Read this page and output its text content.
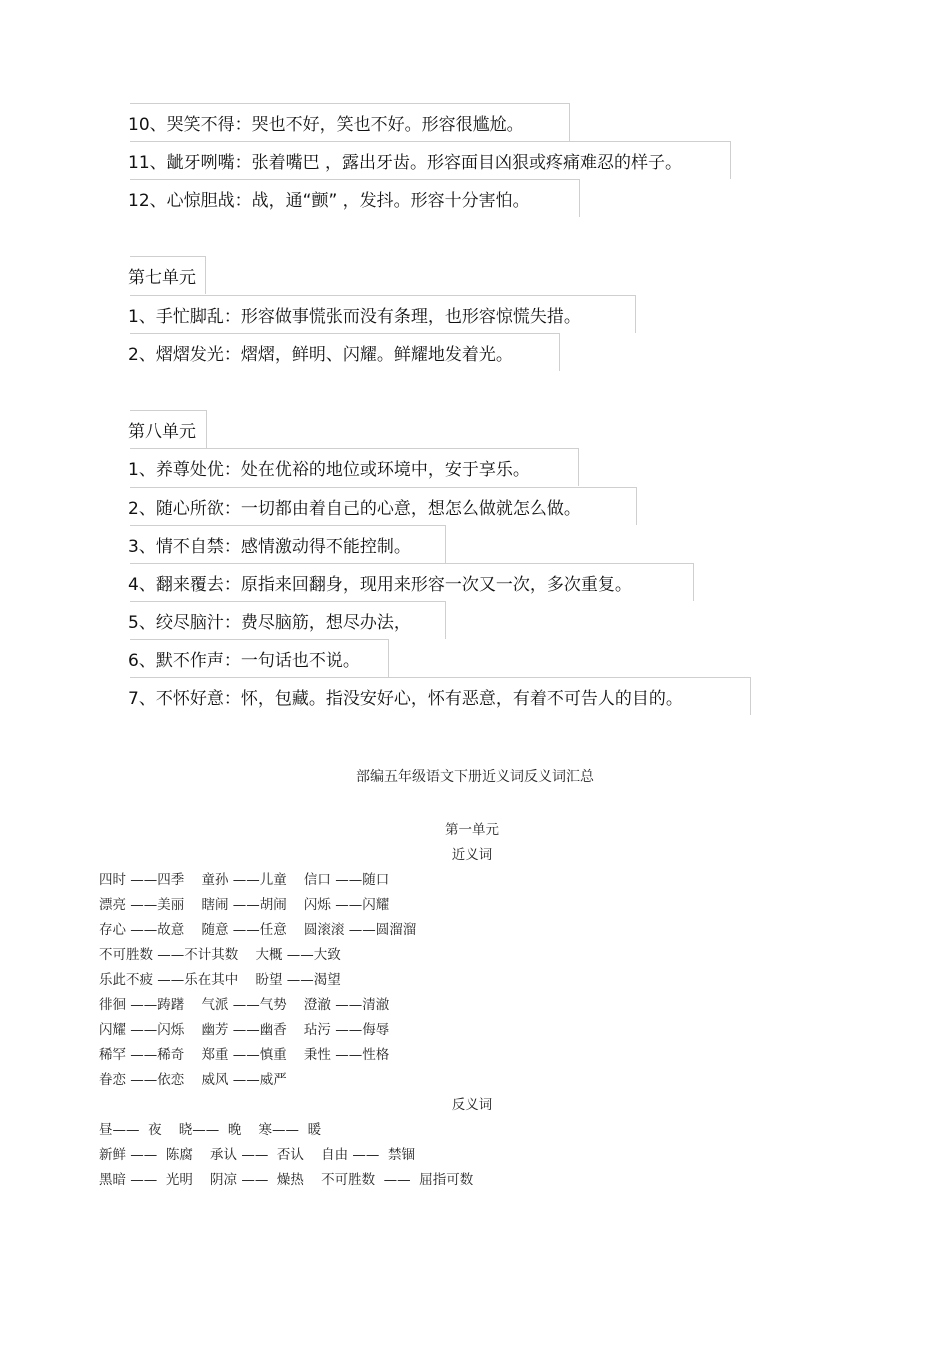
10、哭笑不得：哭也不好，笑也不好。形容很尴尬。
11、龇牙咧嘴：张着嘴巴 ，露出牙齿。形容面目凶狠或疼痛难忍的样子。
12、心惊胆战：战，通“颤” ，发抖。形容十分害怕。
第七单元
1、手忙脚乱：形容做事慌张而没有条理，也形容惊慌失措。
2、熠熠发光：熠熠，鲜明、闪耀。鲜耀地发着光。
第八单元
1、养尊处优：处在优裕的地位或环境中，安于享乐。
2、随心所欲：一切都由着自己的心意，想怎么做就怎么做。
3、情不自禁：感情激动得不能控制。
4、翻来覆去：原指来回翻身，现用来形容一次又一次，多次重复。
5、绞尽脑汁：费尽脑筋，想尽办法，
6、默不作声：一句话也不说。
7、不怀好意：怀，包藏。指没安好心，怀有恶意，有着不可告人的目的。
部编五年级语文下册近义词反义词汇总
第一单元
近义词
四时 ——四季    童孙 ——儿童    信口 ——随口
漂亮 ——美丽    瞎闹 ——胡闹    闪烁 ——闪耀
存心 ——故意    随意 ——任意    圆滚滚 ——圆溜溜
不可胜数 ——不计其数    大概 ——大致
乐此不疲 ——乐在其中    盼望 ——渴望
徘徊 ——踌躇    气派 ——气势    澄澈 ——清澈
闪耀 ——闪烁    幽芳 ——幽香    玷污 ——侮辱
稀罕 ——稀奇    郑重 ——慎重    秉性 ——性格
眷恋 ——依恋    威风 ——威严
反义词
昼——  夜    晓——  晚    寒——  暖
新鲜 ——  陈腐    承认 ——  否认    自由 ——  禁锢
黑暗 ——  光明    阴凉 ——  燥热    不可胜数  ——  屈指可数
